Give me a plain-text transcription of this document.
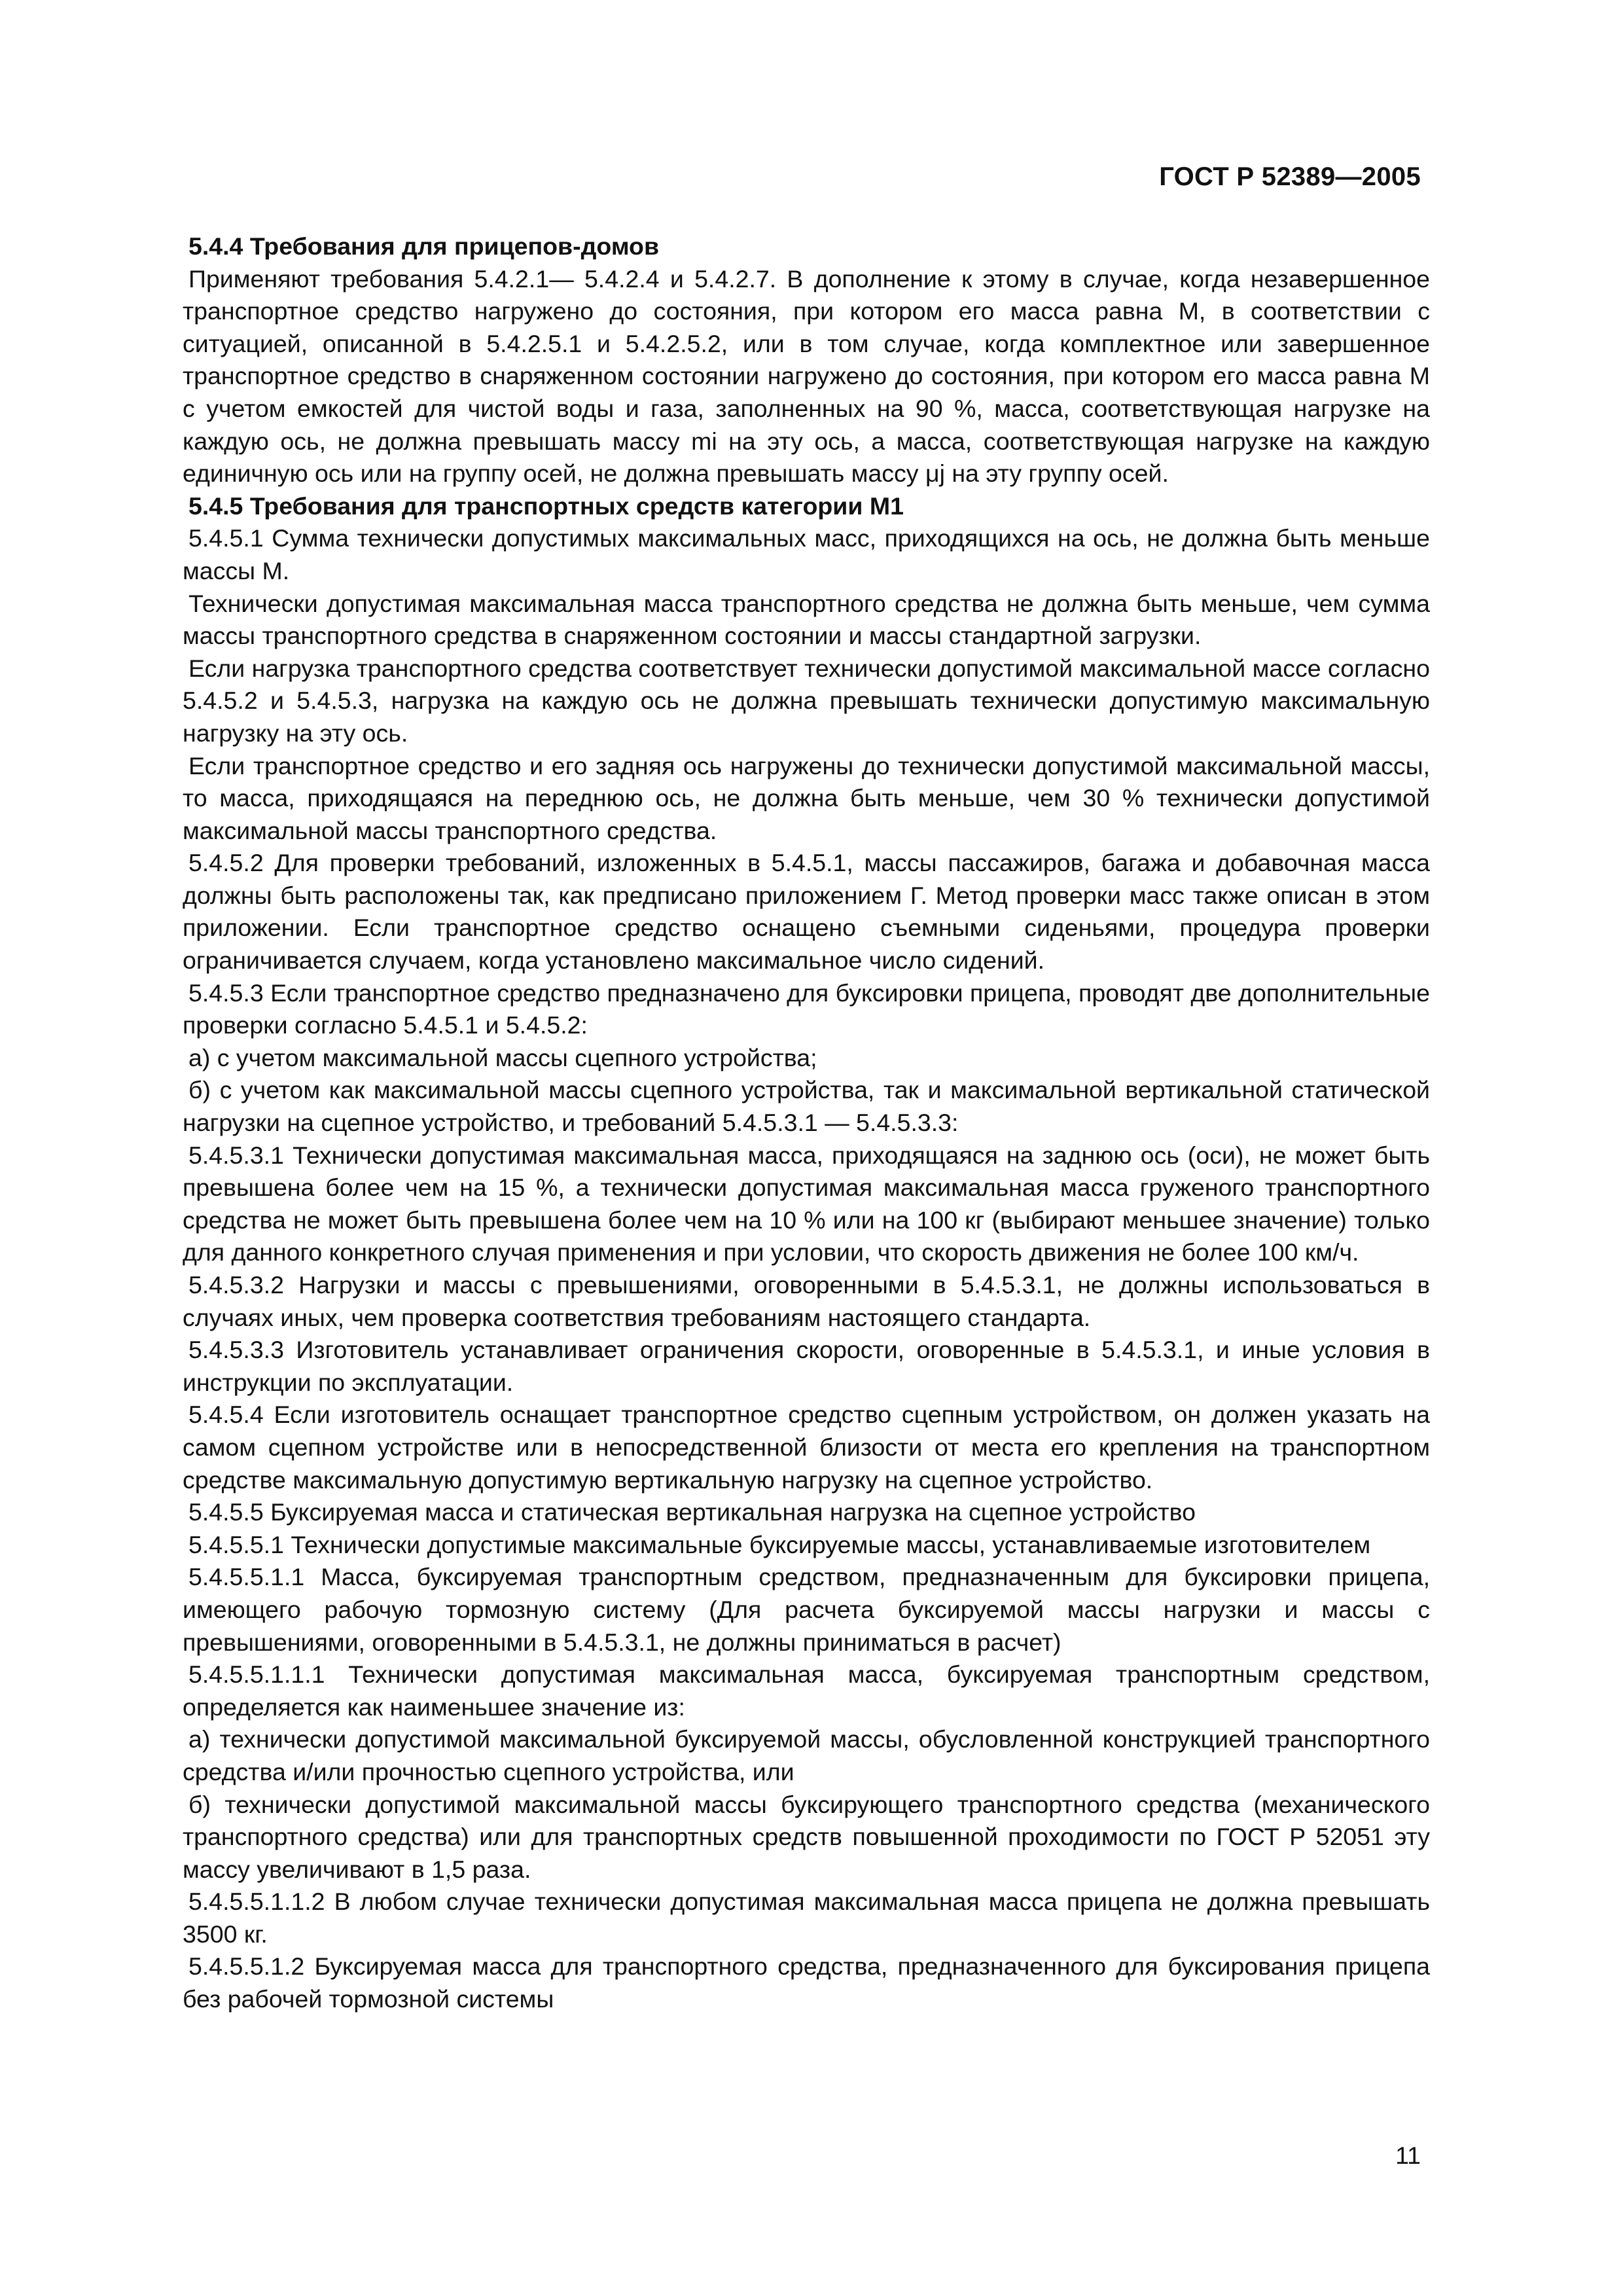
ГОСТ Р 52389—2005

5.4.4 Требования для прицепов-домов

Применяют требования 5.4.2.1— 5.4.2.4 и 5.4.2.7. В дополнение к этому в случае, когда незавершенное транспортное средство нагружено до состояния, при котором его масса равна M, в соответствии с ситуацией, описанной в 5.4.2.5.1 и 5.4.2.5.2, или в том случае, когда комплектное или завершенное транспортное средство в снаряженном состоянии нагружено до состояния, при котором его масса равна M с учетом емкостей для чистой воды и газа, заполненных на 90 %, масса, соответствующая нагрузке на каждую ось, не должна превышать массу mi на эту ось, а масса, соответствующая нагрузке на каждую единичную ось или на группу осей, не должна превышать массу μj на эту группу осей.

5.4.5 Требования для транспортных средств категории M1

5.4.5.1 Сумма технически допустимых максимальных масс, приходящихся на ось, не должна быть меньше массы M.

Технически допустимая максимальная масса транспортного средства не должна быть меньше, чем сумма массы транспортного средства в снаряженном состоянии и массы стандартной загрузки.

Если нагрузка транспортного средства соответствует технически допустимой максимальной массе согласно 5.4.5.2 и 5.4.5.3, нагрузка на каждую ось не должна превышать технически допустимую максимальную нагрузку на эту ось.

Если транспортное средство и его задняя ось нагружены до технически допустимой максимальной массы, то масса, приходящаяся на переднюю ось, не должна быть меньше, чем 30 % технически допустимой максимальной массы транспортного средства.

5.4.5.2 Для проверки требований, изложенных в 5.4.5.1, массы пассажиров, багажа и добавочная масса должны быть расположены так, как предписано приложением Г. Метод проверки масс также описан в этом приложении. Если транспортное средство оснащено съемными сиденьями, процедура проверки ограничивается случаем, когда установлено максимальное число сидений.

5.4.5.3 Если транспортное средство предназначено для буксировки прицепа, проводят две дополнительные проверки согласно 5.4.5.1 и 5.4.5.2:

а) с учетом максимальной массы сцепного устройства;

б) с учетом как максимальной массы сцепного устройства, так и максимальной вертикальной статической нагрузки на сцепное устройство, и требований 5.4.5.3.1 — 5.4.5.3.3:

5.4.5.3.1 Технически допустимая максимальная масса, приходящаяся на заднюю ось (оси), не может быть превышена более чем на 15 %, а технически допустимая максимальная масса груженого транспортного средства не может быть превышена более чем на 10 % или на 100 кг (выбирают меньшее значение) только для данного конкретного случая применения и при условии, что скорость движения не более 100 км/ч.

5.4.5.3.2 Нагрузки и массы с превышениями, оговоренными в 5.4.5.3.1, не должны использоваться в случаях иных, чем проверка соответствия требованиям настоящего стандарта.

5.4.5.3.3 Изготовитель устанавливает ограничения скорости, оговоренные в 5.4.5.3.1, и иные условия в инструкции по эксплуатации.

5.4.5.4 Если изготовитель оснащает транспортное средство сцепным устройством, он должен указать на самом сцепном устройстве или в непосредственной близости от места его крепления на транспортном средстве максимальную допустимую вертикальную нагрузку на сцепное устройство.

5.4.5.5 Буксируемая масса и статическая вертикальная нагрузка на сцепное устройство

5.4.5.5.1 Технически допустимые максимальные буксируемые массы, устанавливаемые изготовителем

5.4.5.5.1.1 Масса, буксируемая транспортным средством, предназначенным для буксировки прицепа, имеющего рабочую тормозную систему (Для расчета буксируемой массы нагрузки и массы с превышениями, оговоренными в 5.4.5.3.1, не должны приниматься в расчет)

5.4.5.5.1.1.1 Технически допустимая максимальная масса, буксируемая транспортным средством, определяется как наименьшее значение из:

а) технически допустимой максимальной буксируемой массы, обусловленной конструкцией транспортного средства и/или прочностью сцепного устройства, или

б) технически допустимой максимальной массы буксирующего транспортного средства (механического транспортного средства) или для транспортных средств повышенной проходимости по ГОСТ Р 52051 эту массу увеличивают в 1,5 раза.

5.4.5.5.1.1.2 В любом случае технически допустимая максимальная масса прицепа не должна превышать 3500 кг.

5.4.5.5.1.2 Буксируемая масса для транспортного средства, предназначенного для буксирования прицепа без рабочей тормозной системы

11
